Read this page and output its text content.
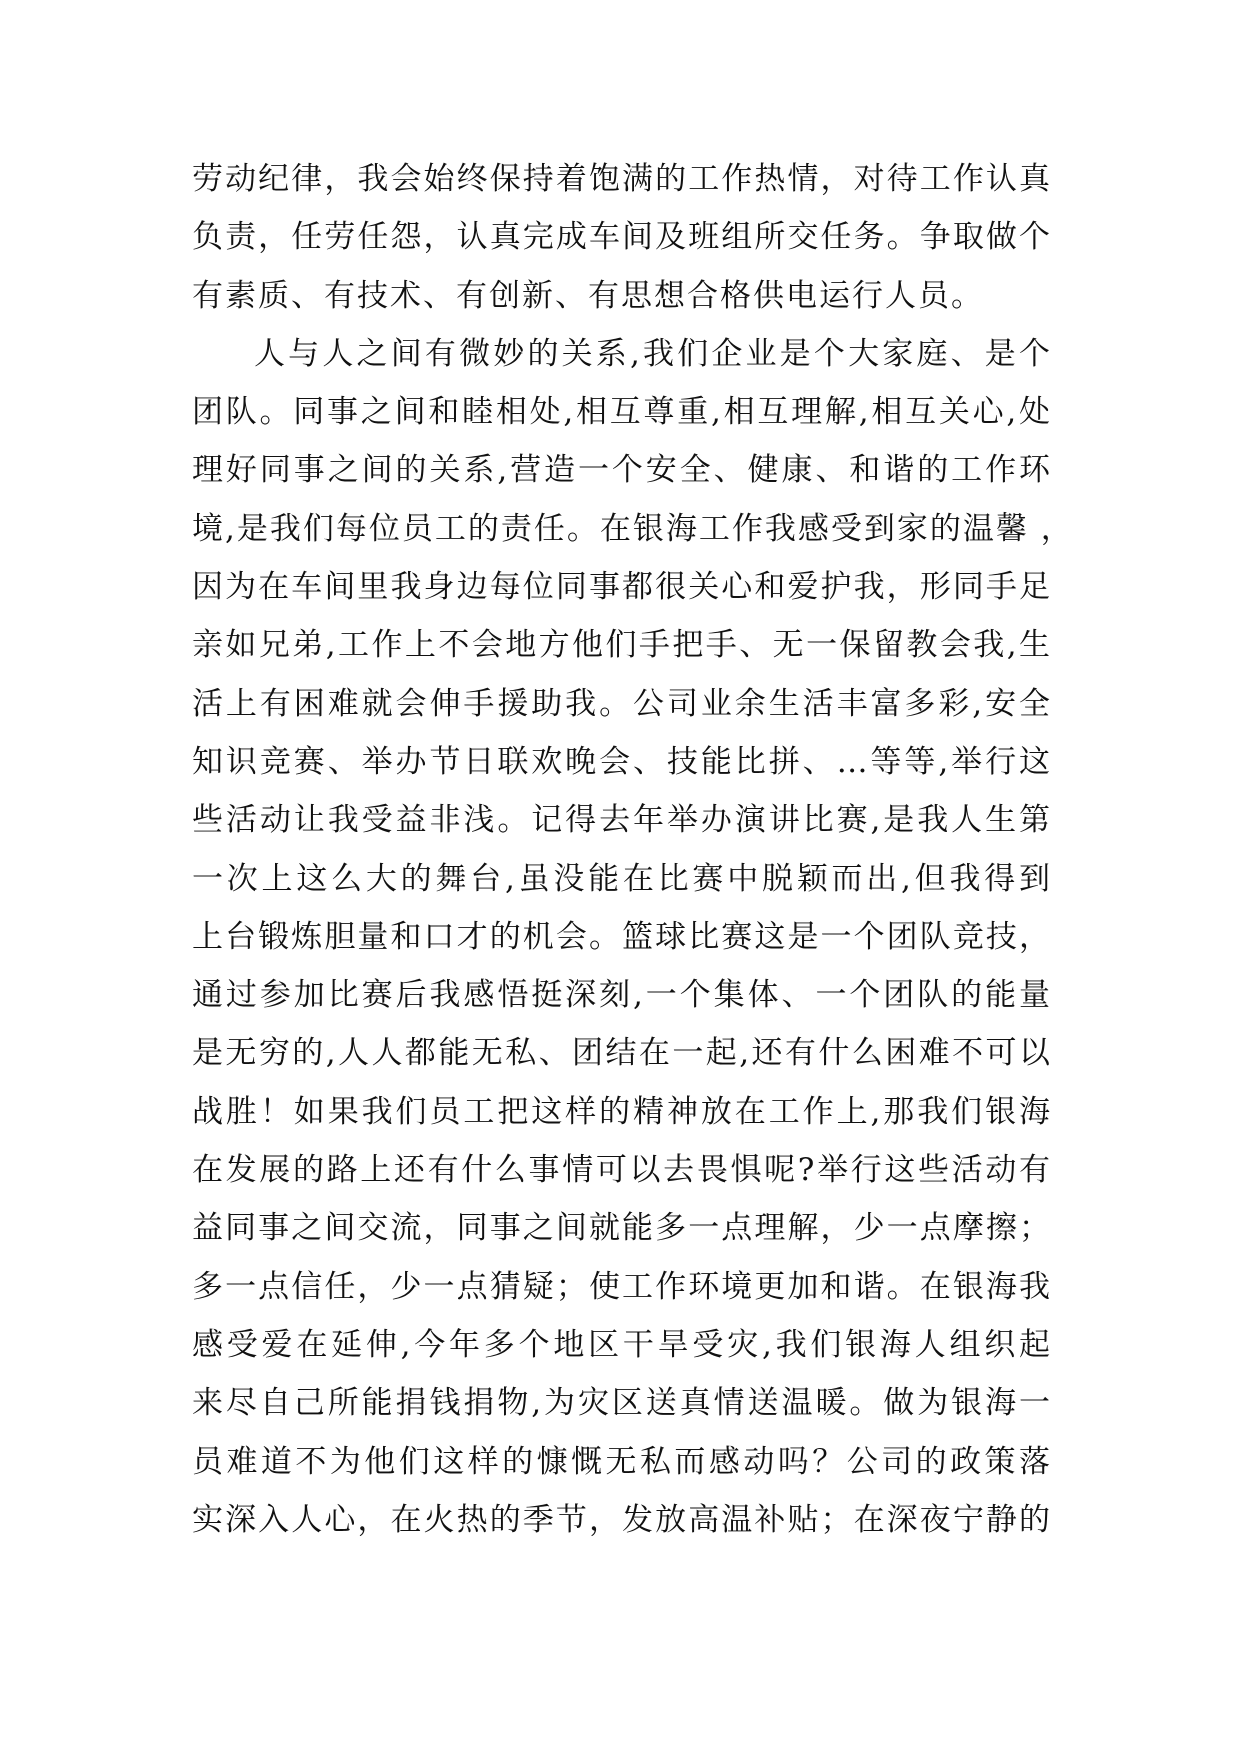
劳动纪律，我会始终保持着饱满的工作热情，对待工作认真
负责，任劳任怨，认真完成车间及班组所交任务。争取做个
有素质、有技术、有创新、有思想合格供电运行人员。
人与人之间有微妙的关系,我们企业是个大家庭、是个
团队。同事之间和睦相处,相互尊重,相互理解,相互关心,处
理好同事之间的关系,营造一个安全、健康、和谐的工作环
境,是我们每位员工的责任。在银海工作我感受到家的温馨 ，
因为在车间里我身边每位同事都很关心和爱护我，形同手足
亲如兄弟,工作上不会地方他们手把手、无一保留教会我,生
活上有困难就会伸手援助我。公司业余生活丰富多彩,安全
知识竞赛、举办节日联欢晚会、技能比拼、…等等,举行这
些活动让我受益非浅。记得去年举办演讲比赛,是我人生第
一次上这么大的舞台,虽没能在比赛中脱颖而出,但我得到
上台锻炼胆量和口才的机会。篮球比赛这是一个团队竞技，
通过参加比赛后我感悟挺深刻,一个集体、一个团队的能量
是无穷的,人人都能无私、团结在一起,还有什么困难不可以
战胜！如果我们员工把这样的精神放在工作上,那我们银海
在发展的路上还有什么事情可以去畏惧呢?举行这些活动有
益同事之间交流，同事之间就能多一点理解，少一点摩擦；
多一点信任，少一点猜疑；使工作环境更加和谐。在银海我
感受爱在延伸,今年多个地区干旱受灾,我们银海人组织起
来尽自己所能捐钱捐物,为灾区送真情送温暖。做为银海一
员难道不为他们这样的慷慨无私而感动吗？公司的政策落
实深入人心，在火热的季节，发放高温补贴；在深夜宁静的
